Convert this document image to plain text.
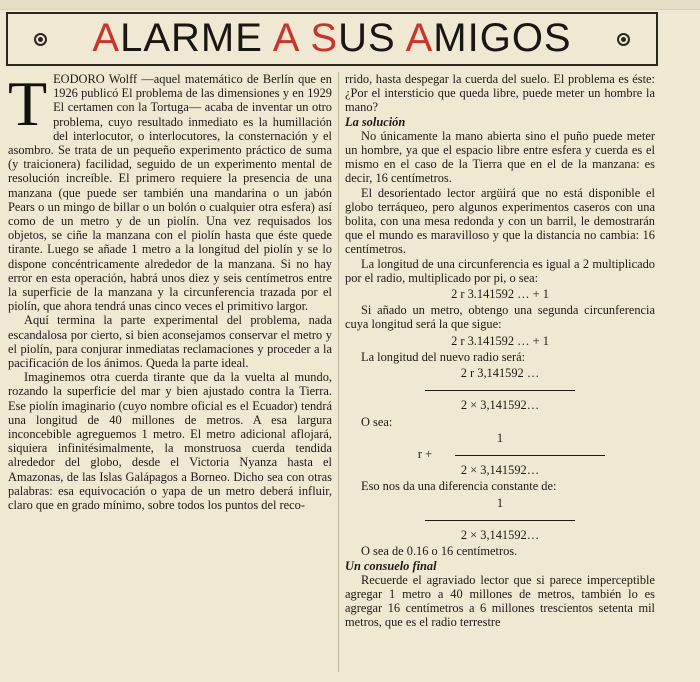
ALARME A SUS AMIGOS
T EODORO Wolff —aquel matemático de Berlín que en 1926 publicó El problema de las dimensiones y en 1929 El certamen con la Tortuga— acaba de inventar un otro problema, cuyo resultado inmediato es la humillación del interlocutor, o interlocutores, la consternación y el asombro. Se trata de un pequeño experimento práctico de suma (y traicionera) facilidad, seguido de un experimento mental de resolución increíble. El primero requiere la presencia de una manzana (que puede ser también una mandarina o un jabón Pears o un mingo de billar o un bolón o cualquier otra esfera) así como de un metro y de un piolín. Una vez requisados los objetos, se ciñe la manzana con el piolín hasta que éste quede tirante. Luego se añade 1 metro a la longitud del piolín y se lo dispone concéntricamente alrededor de la manzana. Si no hay error en esta operación, habrá unos diez y seis centímetros entre la superficie de la manzana y la circunferencia trazada por el piolín, que ahora tendrá unas cinco veces el primitivo largor.

Aquí termina la parte experimental del problema, nada escandalosa por cierto, si bien aconsejamos conservar el metro y el piolín, para conjurar inmediatas reclamaciones y proceder a la pacificación de los ánimos. Queda la parte ideal.

Imaginemos otra cuerda tirante que da la vuelta al mundo, rozando la superficie del mar y bien ajustado contra la Tierra. Ese piolín imaginario (cuyo nombre oficial es el Ecuador) tendrá una longitud de 40 millones de metros. A esa largura inconcebible agreguemos 1 metro. El metro adicional aflojará, siquiera infinitésimalmente, la monstruosa cuerda tendida alrededor del globo, desde el Victoria Nyanza hasta el Amazonas, de las Islas Galápagos a Borneo. Dicho sea con otras palabras: esa equivocación o yapa de un metro deberá influir, claro que en grado mínimo, sobre todos los puntos del reco-

rrido, hasta despegar la cuerda del suelo. El problema es éste: ¿Por el intersticio que queda libre, puede meter un hombre la mano?

La solución

No únicamente la mano abierta sino el puño puede meter un hombre, ya que el espacio libre entre esfera y cuerda es el mismo en el caso de la Tierra que en el de la manzana: es decir, 16 centímetros.

El desorientado lector argüirá que no está disponible el globo terráqueo, pero algunos experimentos caseros con una bolita, con una mesa redonda y con un barril, le demostrarán que el mundo es maravilloso y que la distancia no cambia: 16 centímetros.

La longitud de una circunferencia es igual a 2 multiplicado por el radio, multiplicado por pi, o sea:

2 r 3.141592 … + 1

Si añado un metro, obtengo una segunda circunferencia cuya longitud será la que sigue:

2 r 3.141592 … + 1

La longitud del nuevo radio será:

2 r 3,141592 …
2 × 3,141592…

O sea:

1
r +
2 × 3,141592…

Eso nos da una diferencia constante de:

1
2 × 3,141592…

O sea de 0.16 o 16 centímetros.

Un consuelo final

Recuerde el agraviado lector que si parece imperceptible agregar 1 metro a 40 millones de metros, también lo es agregar 16 centímetros a 6 millones trescientos setenta mil metros, que es el radio terrestre
